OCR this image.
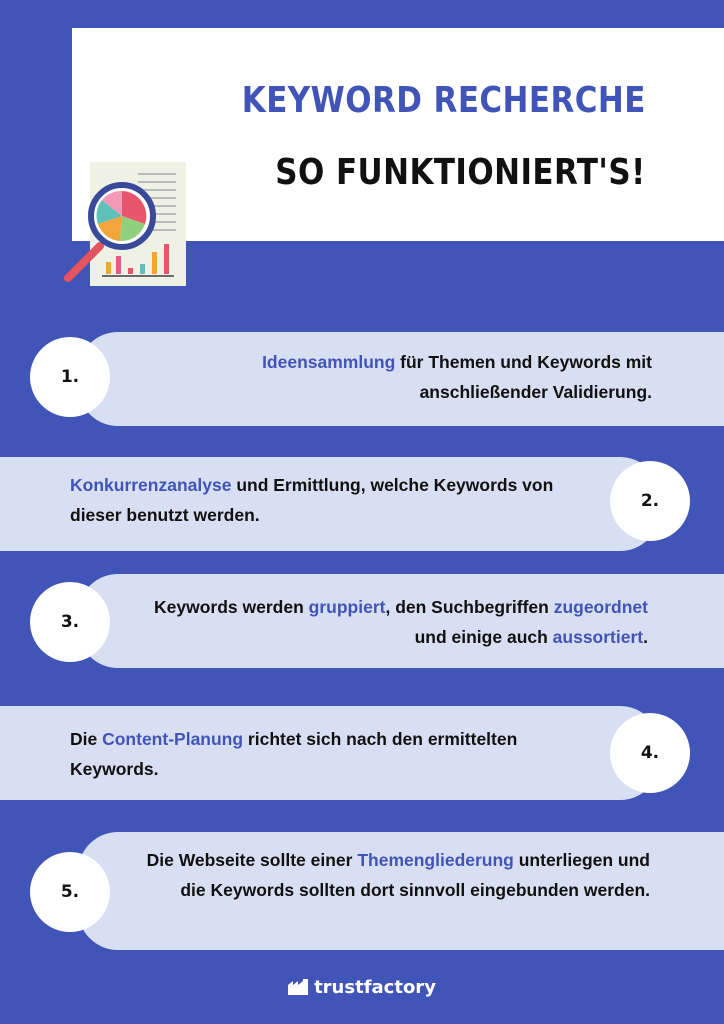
KEYWORD RECHERCHE
SO FUNKTIONIERT'S!
1.
Ideensammlung für Themen und Keywords mit
anschließender Validierung.
2.
Konkurrenzanalyse und Ermittlung, welche Keywords von dieser benutzt werden.
3.
Keywords werden gruppiert, den Suchbegriffen zugeordnet und einige auch aussortiert.
4.
Die Content-Planung richtet sich nach den ermittelten Keywords.
5.
Die Webseite sollte einer Themengliederung unterliegen und die Keywords sollten dort sinnvoll eingebunden werden.
trustfactory
